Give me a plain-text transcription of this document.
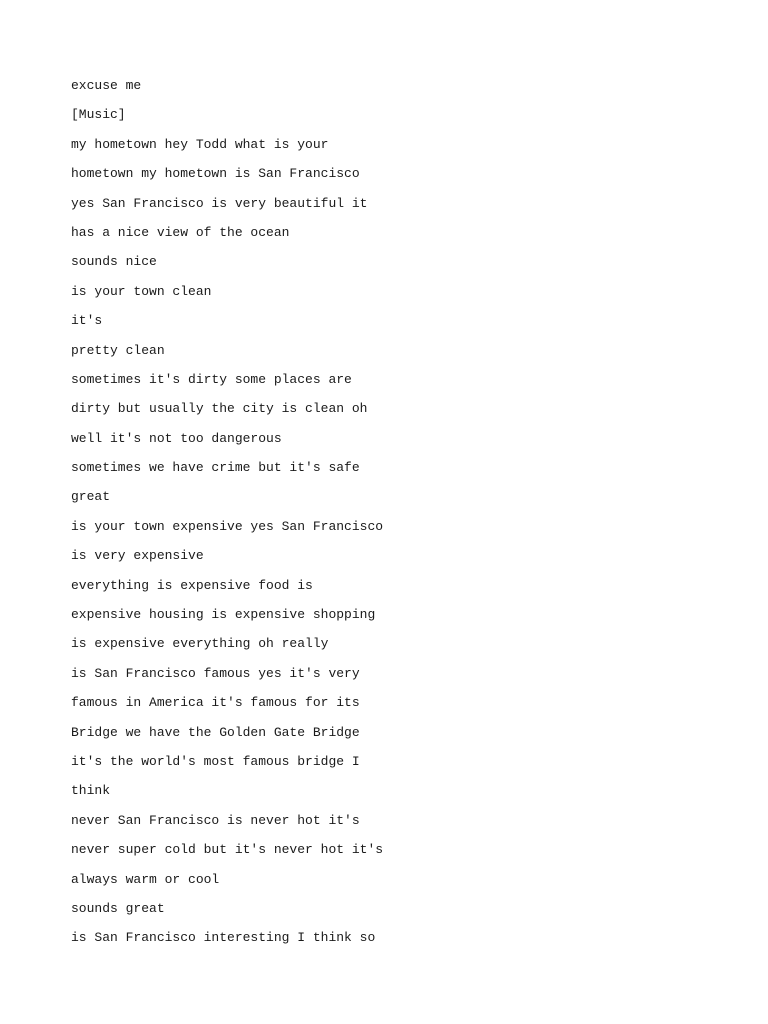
excuse me
[Music]
my hometown hey Todd what is your
hometown my hometown is San Francisco
yes San Francisco is very beautiful it
has a nice view of the ocean
sounds nice
is your town clean
it's
pretty clean
sometimes it's dirty some places are
dirty but usually the city is clean oh
well it's not too dangerous
sometimes we have crime but it's safe
great
is your town expensive yes San Francisco
is very expensive
everything is expensive food is
expensive housing is expensive shopping
is expensive everything oh really
is San Francisco famous yes it's very
famous in America it's famous for its
Bridge we have the Golden Gate Bridge
it's the world's most famous bridge I
think
never San Francisco is never hot it's
never super cold but it's never hot it's
always warm or cool
sounds great
is San Francisco interesting I think so
